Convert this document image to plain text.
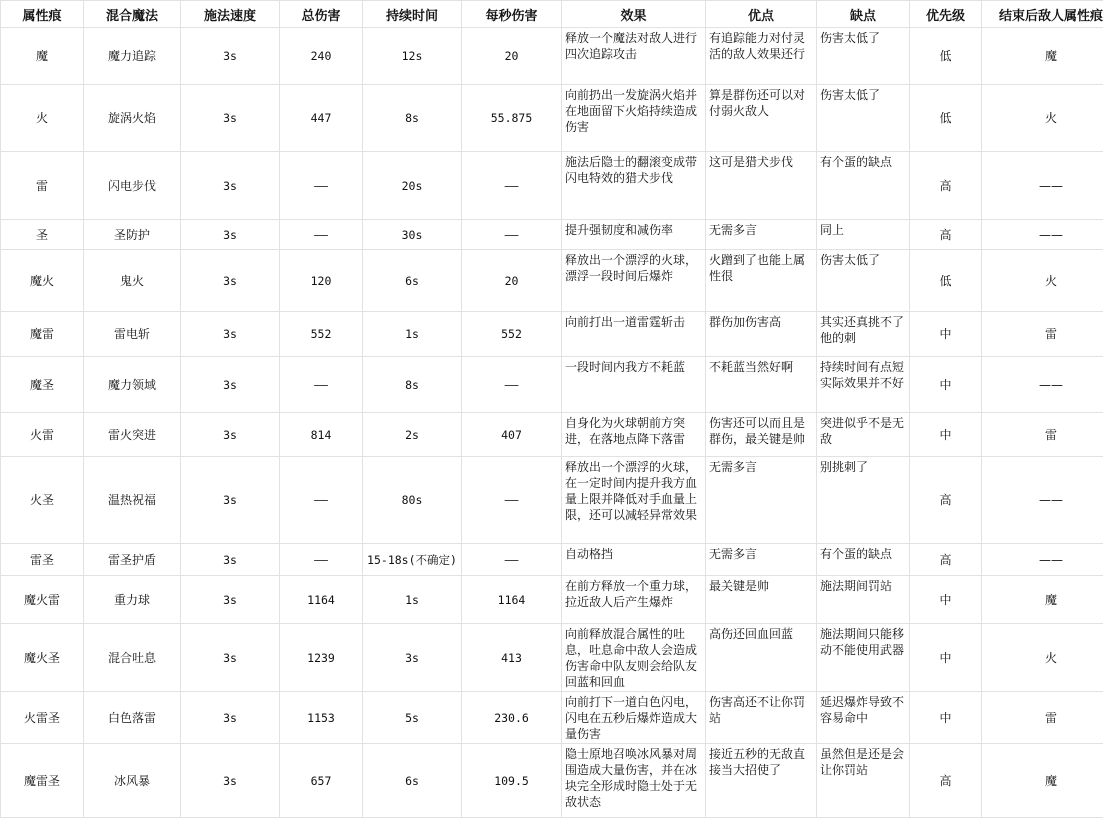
属性痕	混合魔法	施法速度	总伤害	持续时间	每秒伤害	效果	优点	缺点	优先级	结束后敌人属性痕
魔	魔力追踪	3s	240	12s	20	释放一个魔法对敌人进行四次追踪攻击	有追踪能力对付灵活的敌人效果还行	伤害太低了	低	魔
火	旋涡火焰	3s	447	8s	55.875	向前扔出一发旋涡火焰并在地面留下火焰持续造成伤害	算是群伤还可以对付弱火敌人	伤害太低了	低	火
雷	闪电步伐	3s	——	20s	——	施法后隐士的翻滚变成带闪电特效的猎犬步伐	这可是猎犬步伐	有个蛋的缺点	高	——
圣	圣防护	3s	——	30s	——	提升强韧度和减伤率	无需多言	同上	高	——
魔火	鬼火	3s	120	6s	20	释放出一个漂浮的火球，漂浮一段时间后爆炸	火蹭到了也能上属性很	伤害太低了	低	火
魔雷	雷电斩	3s	552	1s	552	向前打出一道雷霆斩击	群伤加伤害高	其实还真挑不了他的刺	中	雷
魔圣	魔力领域	3s	——	8s	——	一段时间内我方不耗蓝	不耗蓝当然好啊	持续时间有点短实际效果并不好	中	——
火雷	雷火突进	3s	814	2s	407	自身化为火球朝前方突进，在落地点降下落雷	伤害还可以而且是群伤，最关键是帅	突进似乎不是无敌	中	雷
火圣	温热祝福	3s	——	80s	——	释放出一个漂浮的火球，在一定时间内提升我方血量上限并降低对手血量上限，还可以减轻异常效果	无需多言	别挑刺了	高	——
雷圣	雷圣护盾	3s	——	15-18s(不确定)	——	自动格挡	无需多言	有个蛋的缺点	高	——
魔火雷	重力球	3s	1164	1s	1164	在前方释放一个重力球，拉近敌人后产生爆炸	最关键是帅	施法期间罚站	中	魔
魔火圣	混合吐息	3s	1239	3s	413	向前释放混合属性的吐息，吐息命中敌人会造成伤害命中队友则会给队友回蓝和回血	高伤还回血回蓝	施法期间只能移动不能使用武器	中	火
火雷圣	白色落雷	3s	1153	5s	230.6	向前打下一道白色闪电，闪电在五秒后爆炸造成大量伤害	伤害高还不让你罚站	延迟爆炸导致不容易命中	中	雷
魔雷圣	冰风暴	3s	657	6s	109.5	隐士原地召唤冰风暴对周围造成大量伤害，并在冰块完全形成时隐士处于无敌状态	接近五秒的无敌直接当大招使了	虽然但是还是会让你罚站	高	魔
